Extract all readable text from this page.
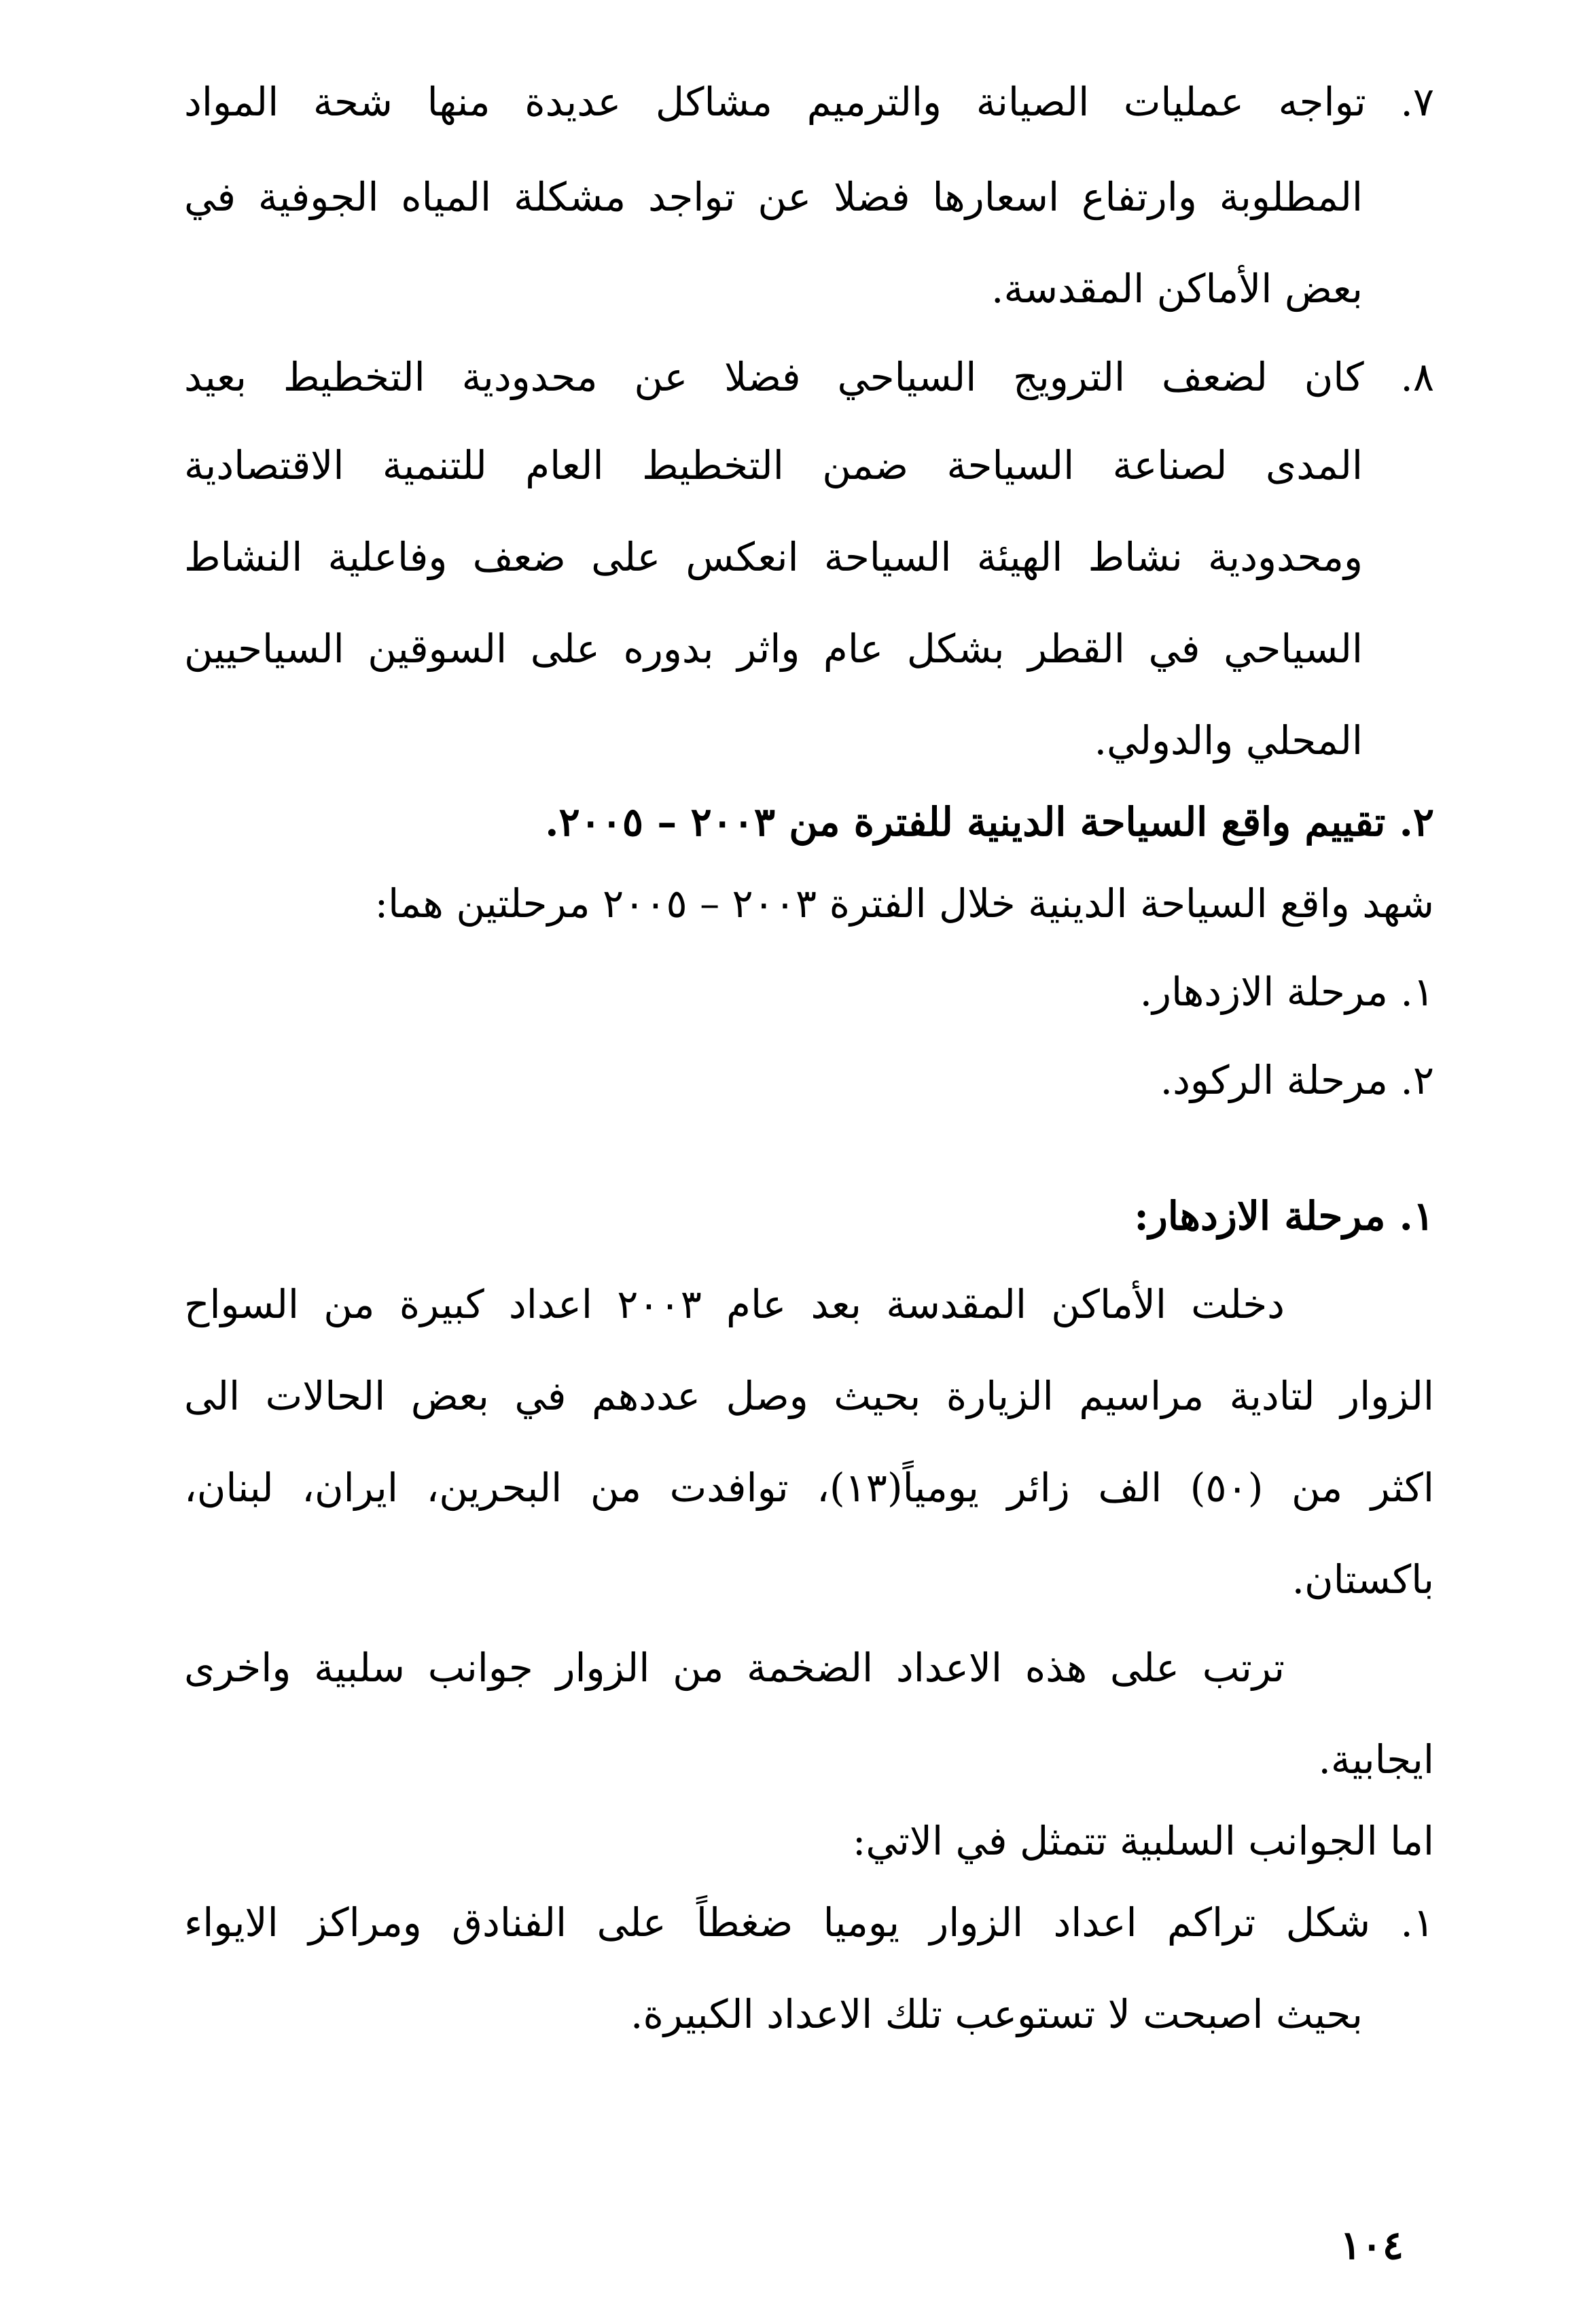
٧. تواجه عمليات الصيانة والترميم مشاكل عديدة منها شحة المواد
المطلوبة وارتفاع اسعارها فضلا عن تواجد مشكلة المياه الجوفية في
بعض الأماكن المقدسة.
٨. كان لضعف الترويج السياحي فضلا عن محدودية التخطيط بعيد
المدى لصناعة السياحة ضمن التخطيط العام للتنمية الاقتصادية
ومحدودية نشاط الهيئة السياحة انعكس على ضعف وفاعلية النشاط
السياحي في القطر بشكل عام واثر بدوره على السوقين السياحيين
المحلي والدولي.
٢. تقييم واقع السياحة الدينية للفترة من ٢٠٠٣ – ٢٠٠٥.
شهد واقع السياحة الدينية خلال الفترة ٢٠٠٣ – ٢٠٠٥ مرحلتين هما:
١. مرحلة الازدهار.
٢. مرحلة الركود.
١. مرحلة الازدهار:
دخلت الأماكن المقدسة بعد عام ٢٠٠٣ اعداد كبيرة من السواح
الزوار لتادية مراسيم الزيارة بحيث وصل عددهم في بعض الحالات الى
اكثر من (٥٠) الف زائر يومياً(١٣)، توافدت من البحرين، ايران، لبنان،
باكستان.
ترتب على هذه الاعداد الضخمة من الزوار جوانب سلبية واخرى
ايجابية.
اما الجوانب السلبية تتمثل في الاتي:
١. شكل تراكم اعداد الزوار يوميا ضغطاً على الفنادق ومراكز الايواء
بحيث اصبحت لا تستوعب تلك الاعداد الكبيرة.
١٠٤
